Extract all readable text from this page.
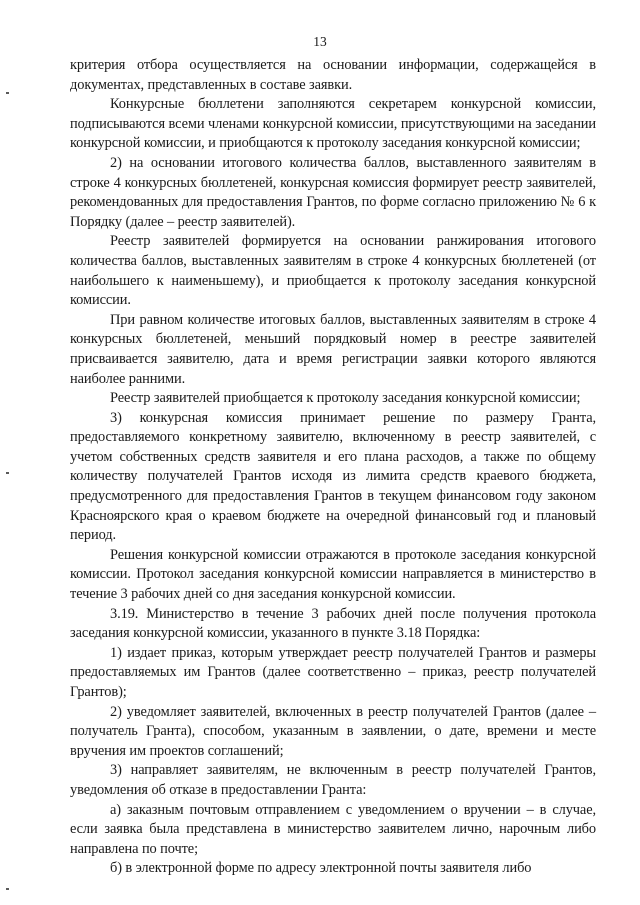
13

критерия отбора осуществляется на основании информации, содержащейся в документах, представленных в составе заявки.

Конкурсные бюллетени заполняются секретарем конкурсной комиссии, подписываются всеми членами конкурсной комиссии, присутствующими на заседании конкурсной комиссии, и приобщаются к протоколу заседания конкурсной комиссии;

2) на основании итогового количества баллов, выставленного заявителям в строке 4 конкурсных бюллетеней, конкурсная комиссия формирует реестр заявителей, рекомендованных для предоставления Грантов, по форме согласно приложению № 6 к Порядку (далее – реестр заявителей).

Реестр заявителей формируется на основании ранжирования итогового количества баллов, выставленных заявителям в строке 4 конкурсных бюллетеней (от наибольшего к наименьшему), и приобщается к протоколу заседания конкурсной комиссии.

При равном количестве итоговых баллов, выставленных заявителям в строке 4 конкурсных бюллетеней, меньший порядковый номер в реестре заявителей присваивается заявителю, дата и время регистрации заявки которого являются наиболее ранними.

Реестр заявителей приобщается к протоколу заседания конкурсной комиссии;

3) конкурсная комиссия принимает решение по размеру Гранта, предоставляемого конкретному заявителю, включенному в реестр заявителей, с учетом собственных средств заявителя и его плана расходов, а также по общему количеству получателей Грантов исходя из лимита средств краевого бюджета, предусмотренного для предоставления Грантов в текущем финансовом году законом Красноярского края о краевом бюджете на очередной финансовый год и плановый период.

Решения конкурсной комиссии отражаются в протоколе заседания конкурсной комиссии. Протокол заседания конкурсной комиссии направляется в министерство в течение 3 рабочих дней со дня заседания конкурсной комиссии.

3.19. Министерство в течение 3 рабочих дней после получения протокола заседания конкурсной комиссии, указанного в пункте 3.18 Порядка:

1) издает приказ, которым утверждает реестр получателей Грантов и размеры предоставляемых им Грантов (далее соответственно – приказ, реестр получателей Грантов);

2) уведомляет заявителей, включенных в реестр получателей Грантов (далее – получатель Гранта), способом, указанным в заявлении, о дате, времени и месте вручения им проектов соглашений;

3) направляет заявителям, не включенным в реестр получателей Грантов, уведомления об отказе в предоставлении Гранта:

а) заказным почтовым отправлением с уведомлением о вручении – в случае, если заявка была представлена в министерство заявителем лично, нарочным либо направлена по почте;

б) в электронной форме по адресу электронной почты заявителя либо
